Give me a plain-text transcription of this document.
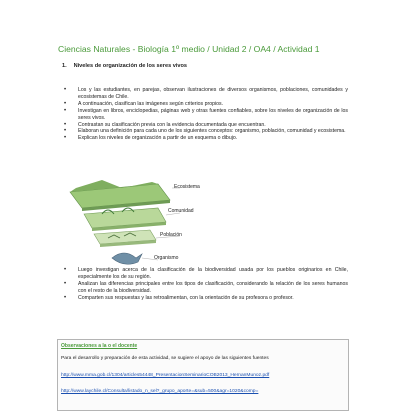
Ciencias Naturales - Biología 1º medio / Unidad 2 / OA4 / Actividad 1
1. Niveles de organización de los seres vivos
• Los y las estudiantes, en parejas, observan ilustraciones de diversos organismos, poblaciones, comunidades y ecosistemas de Chile.
• A continuación, clasifican las imágenes según criterios propios.
• Investigan en libros, enciclopedias, páginas web y otras fuentes confiables, sobre los niveles de organización de los seres vivos.
• Contrastan su clasificación previa con la evidencia documentada que encuentran.
• Elaboran una definición para cada uno de los siguientes conceptos: organismo, población, comunidad y ecosistema.
• Explican los niveles de organización a partir de un esquema o dibujo.
Ecosistema
Comunidad
Población
Organismo
• Luego investigan acerca de la clasificación de la biodiversidad usada por los pueblos originarios en Chile, especialmente los de su región.
• Analizan las diferencias principales entre los tipos de clasificación, considerando la relación de los seres humanos con el resto de la biodiversidad.
• Comparten sus respuestas y las retroalimentan, con la orientación de su profesora o profesor.
Observaciones a la o el docente
Para el desarrollo y preparación de esta actividad, se sugiere el apoyo de las siguientes fuentes
http://www.mma.gob.cl/1304/articles54448_PresentacionSeminarioCOB2013_HernanMunoz.pdf
http://www.laychile.cl/Consulta/listado_n_sel?_grupo_aporte=&sub=500&agr=1020&comp=
